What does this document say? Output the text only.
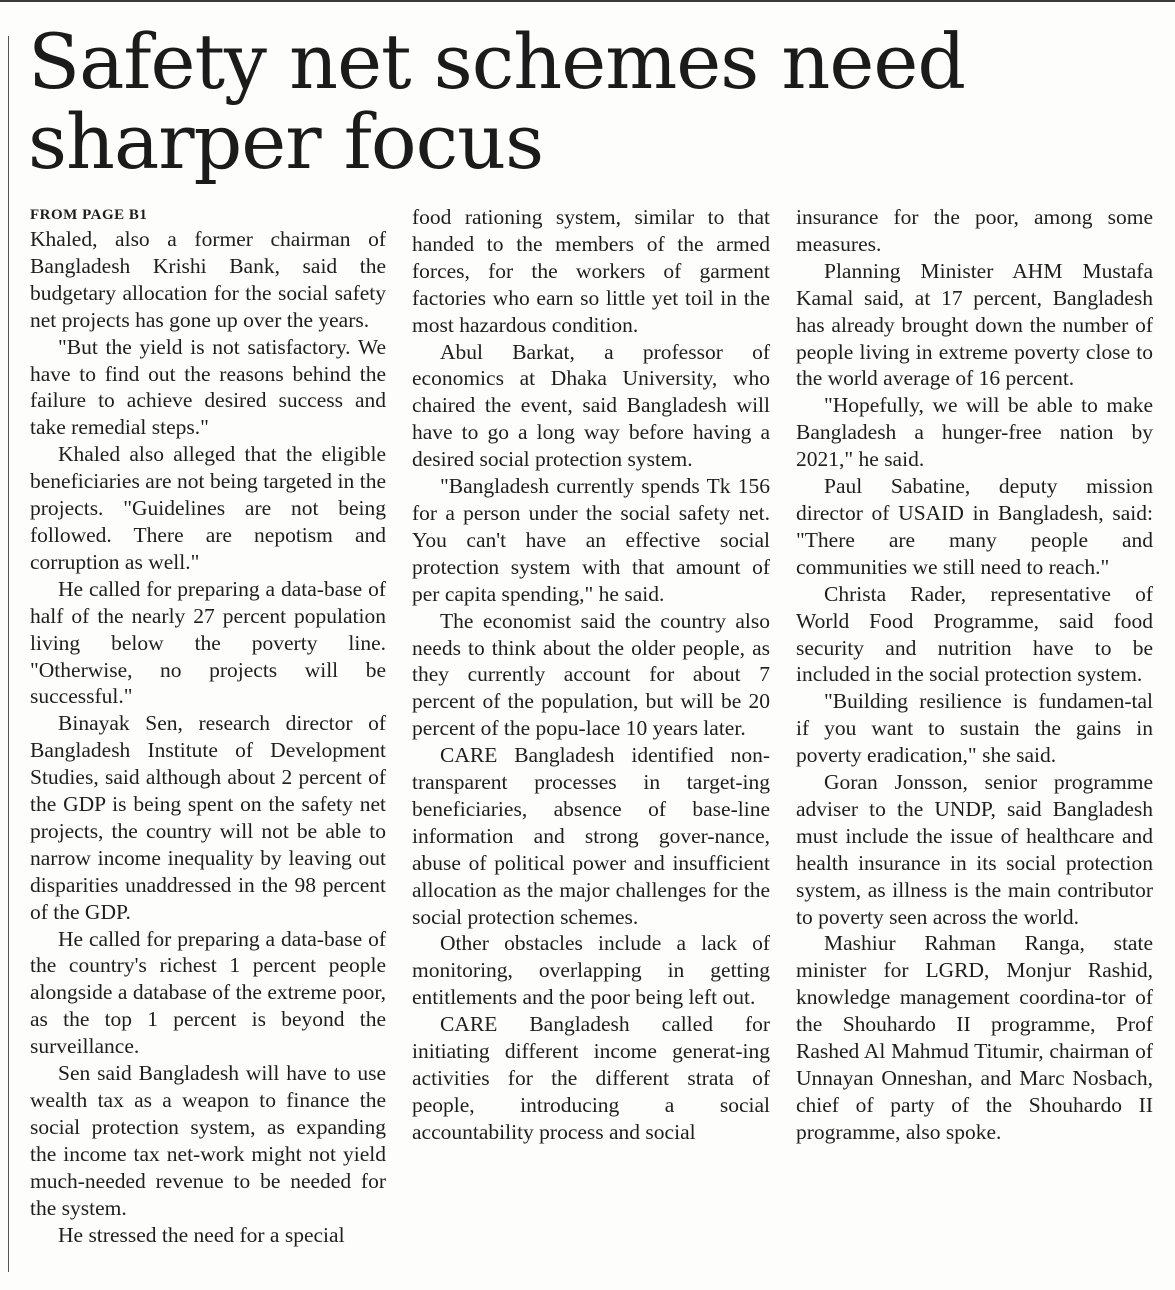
Safety net schemes need sharper focus
FROM PAGE B1

Khaled, also a former chairman of Bangladesh Krishi Bank, said the budgetary allocation for the social safety net projects has gone up over the years.

"But the yield is not satisfactory. We have to find out the reasons behind the failure to achieve desired success and take remedial steps."

Khaled also alleged that the eligible beneficiaries are not being targeted in the projects. "Guidelines are not being followed. There are nepotism and corruption as well."

He called for preparing a data-base of half of the nearly 27 percent population living below the poverty line. "Otherwise, no projects will be successful."

Binayak Sen, research director of Bangladesh Institute of Development Studies, said although about 2 percent of the GDP is being spent on the safety net projects, the country will not be able to narrow income inequality by leaving out disparities unaddressed in the 98 percent of the GDP.

He called for preparing a data-base of the country's richest 1 percent people alongside a database of the extreme poor, as the top 1 percent is beyond the surveillance.

Sen said Bangladesh will have to use wealth tax as a weapon to finance the social protection system, as expanding the income tax net-work might not yield much-needed revenue to be needed for the system.

He stressed the need for a special

food rationing system, similar to that handed to the members of the armed forces, for the workers of garment factories who earn so little yet toil in the most hazardous condition.

Abul Barkat, a professor of economics at Dhaka University, who chaired the event, said Bangladesh will have to go a long way before having a desired social protection system.

"Bangladesh currently spends Tk 156 for a person under the social safety net. You can't have an effective social protection system with that amount of per capita spending," he said.

The economist said the country also needs to think about the older people, as they currently account for about 7 percent of the population, but will be 20 percent of the popu-lace 10 years later.

CARE Bangladesh identified non-transparent processes in target-ing beneficiaries, absence of base-line information and strong gover-nance, abuse of political power and insufficient allocation as the major challenges for the social protection schemes.

Other obstacles include a lack of monitoring, overlapping in getting entitlements and the poor being left out.

CARE Bangladesh called for initiating different income generat-ing activities for the different strata of people, introducing a social accountability process and social

insurance for the poor, among some measures.

Planning Minister AHM Mustafa Kamal said, at 17 percent, Bangladesh has already brought down the number of people living in extreme poverty close to the world average of 16 percent.

"Hopefully, we will be able to make Bangladesh a hunger-free nation by 2021," he said.

Paul Sabatine, deputy mission director of USAID in Bangladesh, said: "There are many people and communities we still need to reach."

Christa Rader, representative of World Food Programme, said food security and nutrition have to be included in the social protection system.

"Building resilience is fundamen-tal if you want to sustain the gains in poverty eradication," she said.

Goran Jonsson, senior programme adviser to the UNDP, said Bangladesh must include the issue of healthcare and health insurance in its social protection system, as illness is the main contributor to poverty seen across the world.

Mashiur Rahman Ranga, state minister for LGRD, Monjur Rashid, knowledge management coordina-tor of the Shouhardo II programme, Prof Rashed Al Mahmud Titumir, chairman of Unnayan Onneshan, and Marc Nosbach, chief of party of the Shouhardo II programme, also spoke.
